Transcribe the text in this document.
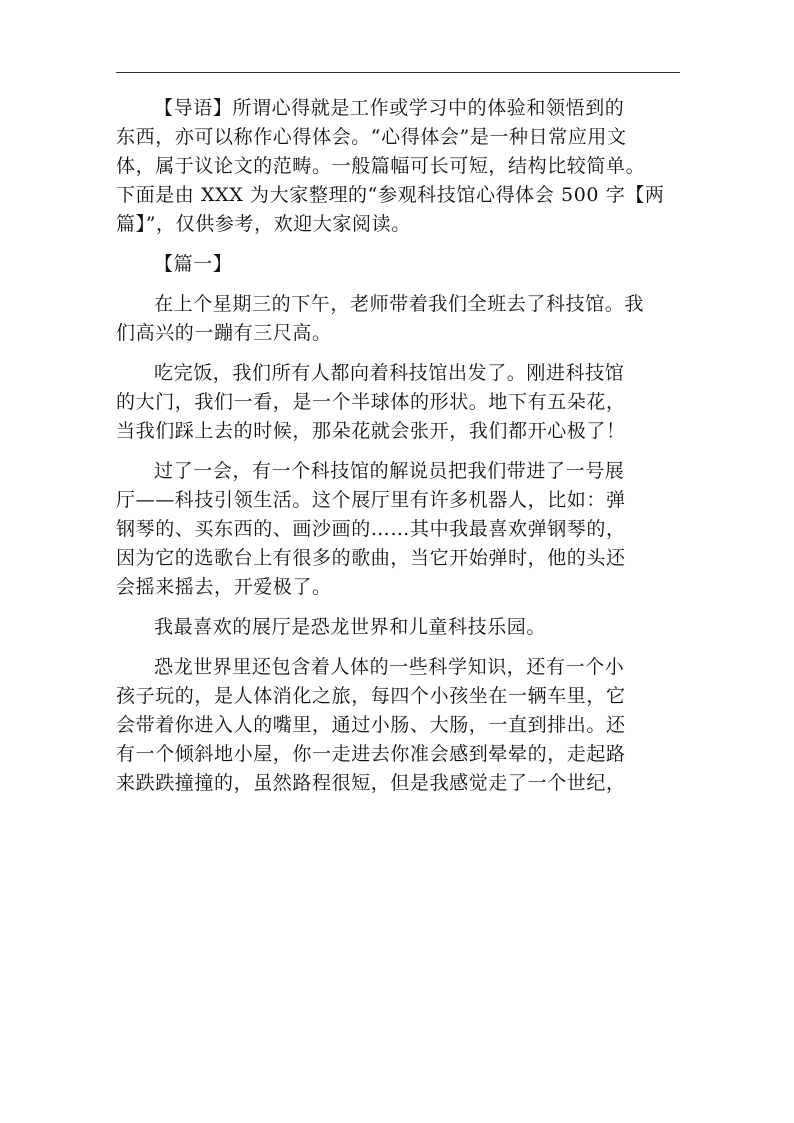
【导语】所谓心得就是工作或学习中的体验和领悟到的
东西，亦可以称作心得体会。“心得体会”是一种日常应用文
体，属于议论文的范畴。一般篇幅可长可短，结构比较简单。
下面是由 XXX 为大家整理的“参观科技馆心得体会 500 字【两
篇】”，仅供参考，欢迎大家阅读。

【篇一】

在上个星期三的下午，老师带着我们全班去了科技馆。我
们高兴的一蹦有三尺高。

吃完饭，我们所有人都向着科技馆出发了。刚进科技馆
的大门，我们一看，是一个半球体的形状。地下有五朵花，
当我们踩上去的时候，那朵花就会张开，我们都开心极了！

过了一会，有一个科技馆的解说员把我们带进了一号展
厅——科技引领生活。这个展厅里有许多机器人，比如：弹
钢琴的、买东西的、画沙画的……其中我最喜欢弹钢琴的，
因为它的选歌台上有很多的歌曲，当它开始弹时，他的头还
会摇来摇去，开爱极了。

我最喜欢的展厅是恐龙世界和儿童科技乐园。

恐龙世界里还包含着人体的一些科学知识，还有一个小
孩子玩的，是人体消化之旅，每四个小孩坐在一辆车里，它
会带着你进入人的嘴里，通过小肠、大肠，一直到排出。还
有一个倾斜地小屋，你一走进去你准会感到晕晕的，走起路
来跌跌撞撞的，虽然路程很短，但是我感觉走了一个世纪，
